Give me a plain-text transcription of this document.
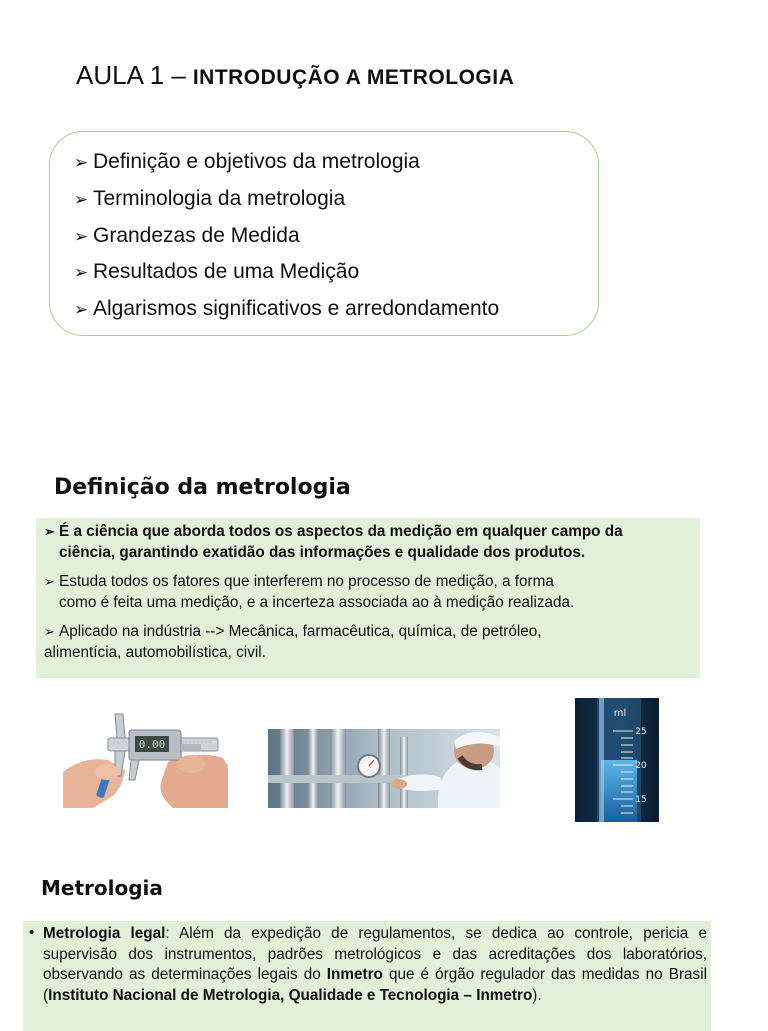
AULA 1 – INTRODUÇÃO A METROLOGIA
➢ Definição e objetivos da metrologia
➢ Terminologia da metrologia
➢ Grandezas de Medida
➢ Resultados de uma Medição
➢ Algarismos significativos e arredondamento
Definição da metrologia
➢ É a ciência que aborda todos os aspectos da medição em qualquer campo da
ciência, garantindo exatidão das informações e qualidade dos produtos.
➢ Estuda todos os fatores que interferem no processo de medição, a forma
como é feita uma medição, e a incerteza associada ao à medição realizada.
➢ Aplicado na indústria --> Mecânica, farmacêutica, química, de petróleo,
alimentícia, automobilística, civil.
0.00
ml
25
20
15
Metrologia
• Metrologia legal: Além da expedição de regulamentos, se dedica ao controle, pericia e supervisão dos instrumentos, padrões metrológicos e das acreditações dos laboratórios, observando as determinações legais do Inmetro que é órgão regulador das medidas no Brasil (Instituto Nacional de Metrologia, Qualidade e Tecnologia – Inmetro).
